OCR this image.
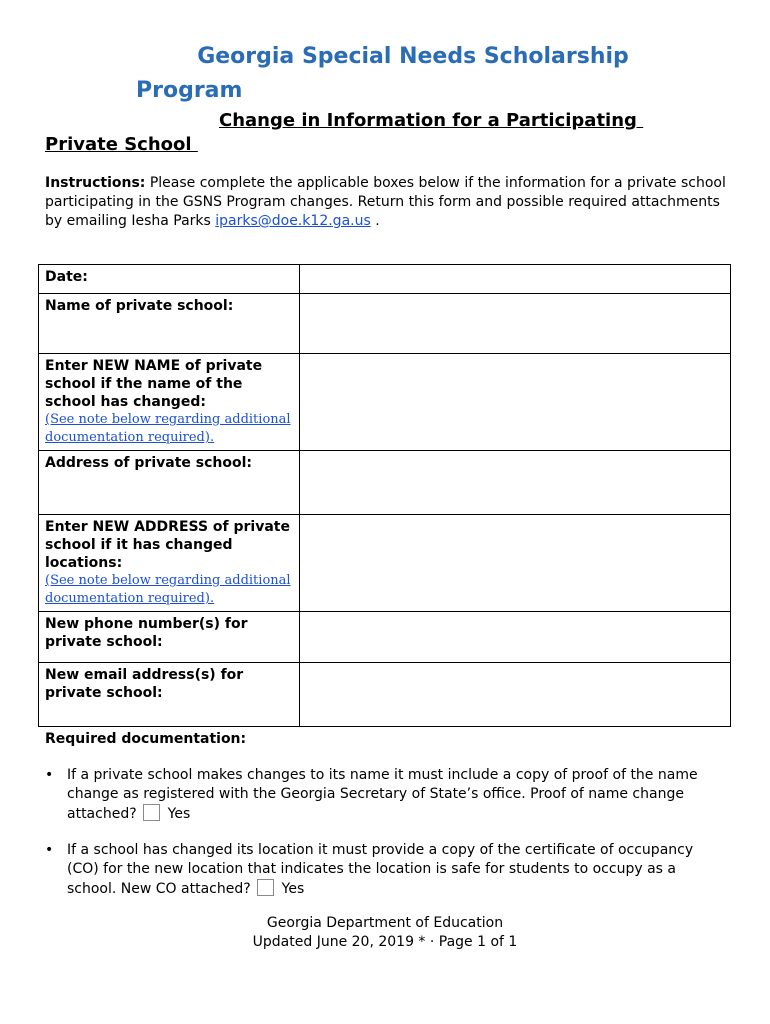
Georgia Special Needs Scholarship
Program
Change in Information for a Participating
Private School

Instructions: Please complete the applicable boxes below if the information for a private school participating in the GSNS Program changes. Return this form and possible required attachments by emailing Iesha Parks iparks@doe.k12.ga.us .

Date:	
Name of private school:	
Enter NEW NAME of private school if the name of the school has changed:
(See note below regarding additional documentation required).	

Address of private school:	
Enter NEW ADDRESS of private school if it has changed locations:
(See note below regarding additional documentation required).	

New phone number(s) for private school:	
New email address(s) for private school:	

Required documentation:

• If a private school makes changes to its name it must include a copy of proof of the name change as registered with the Georgia Secretary of State’s office. Proof of name change attached? Yes
• If a school has changed its location it must provide a copy of the certificate of occupancy (CO) for the new location that indicates the location is safe for students to occupy as a school. New CO attached? Yes
Georgia Department of Education
Updated June 20, 2019 * · Page 1 of 1
